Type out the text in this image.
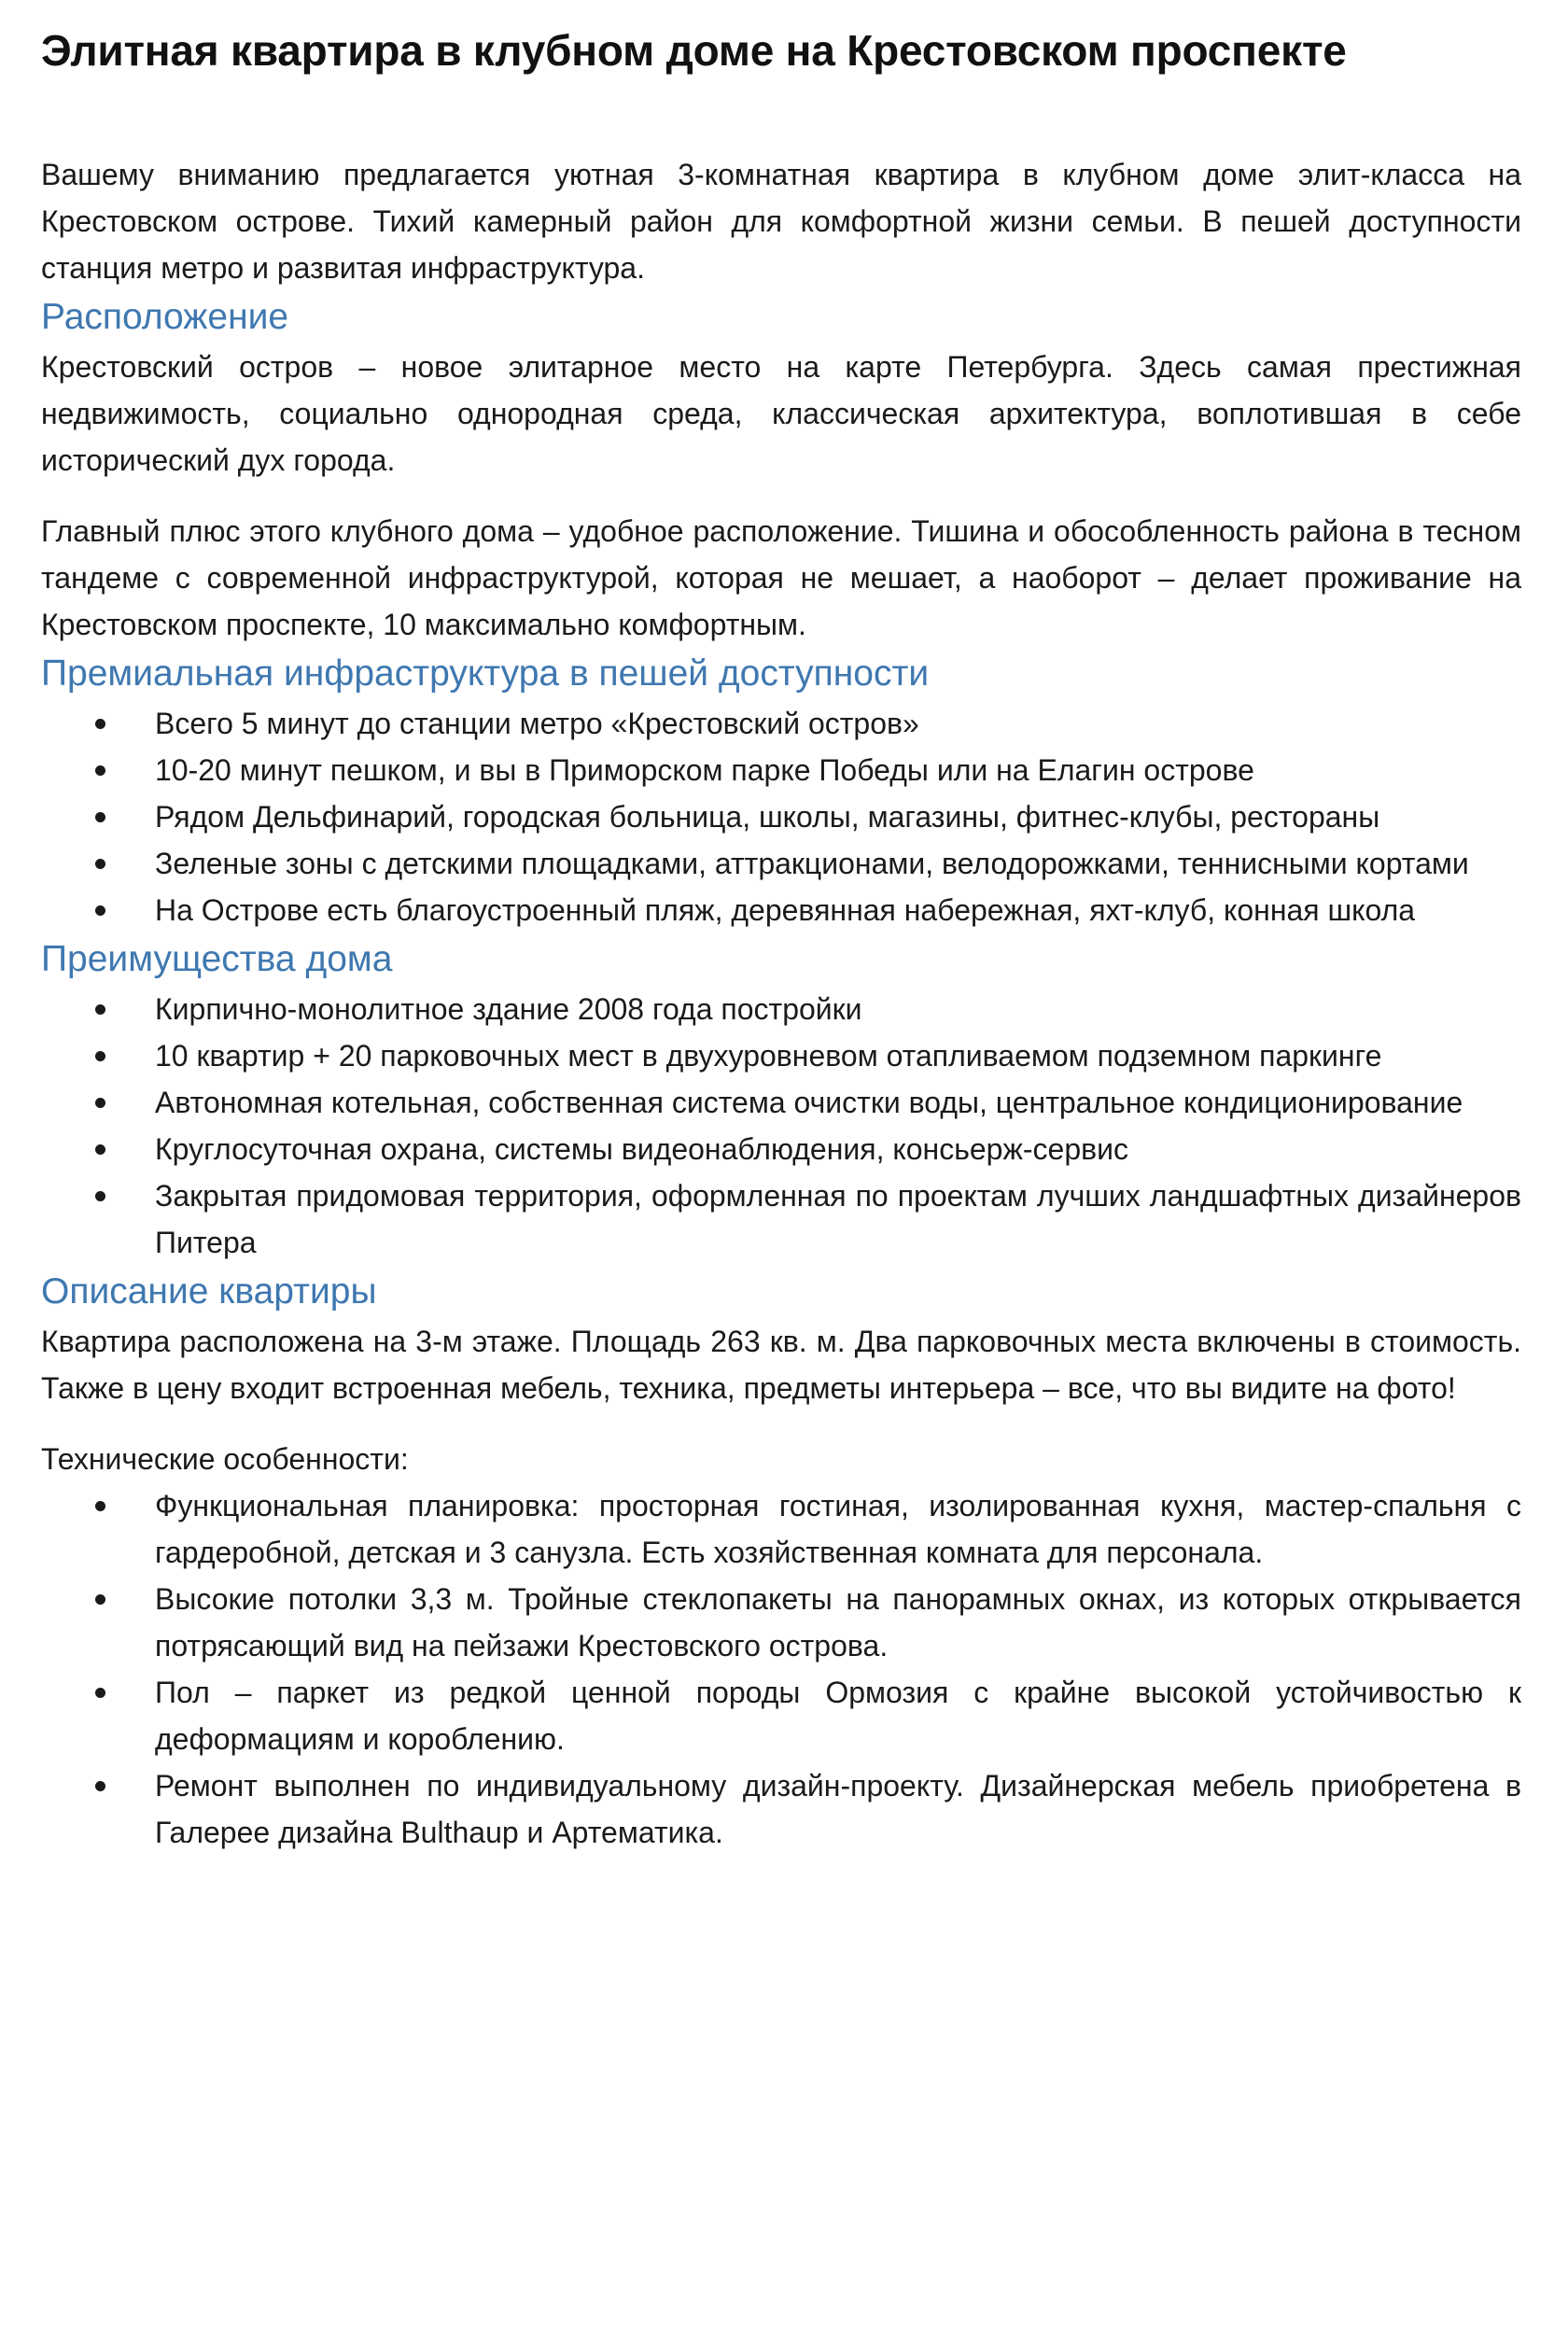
Элитная квартира в клубном доме на Крестовском проспекте

Вашему вниманию предлагается уютная 3-комнатная квартира в клубном доме элит-класса на Крестовском острове. Тихий камерный район для комфортной жизни семьи. В пешей доступности станция метро и развитая инфраструктура.

Расположение

Крестовский остров – новое элитарное место на карте Петербурга. Здесь самая престижная недвижимость, социально однородная среда, классическая архитектура, воплотившая в себе исторический дух города.

Главный плюс этого клубного дома – удобное расположение. Тишина и обособленность района в тесном тандеме с современной инфраструктурой, которая не мешает, а наоборот – делает проживание на Крестовском проспекте, 10 максимально комфортным.

Премиальная инфраструктура в пешей доступности
Всего 5 минут до станции метро «Крестовский остров»
10-20 минут пешком, и вы в Приморском парке Победы или на Елагин острове
Рядом Дельфинарий, городская больница, школы, магазины, фитнес-клубы, рестораны
Зеленые зоны с детскими площадками, аттракционами, велодорожками, теннисными кортами
На Острове есть благоустроенный пляж, деревянная набережная, яхт-клуб, конная школа
Преимущества дома
Кирпично-монолитное здание 2008 года постройки
10 квартир + 20 парковочных мест в двухуровневом отапливаемом подземном паркинге
Автономная котельная, собственная система очистки воды, центральное кондиционирование
Круглосуточная охрана, системы видеонаблюдения, консьерж-сервис
Закрытая придомовая территория, оформленная по проектам лучших ландшафтных дизайнеров Питера
Описание квартиры

Квартира расположена на 3-м этаже. Площадь 263 кв. м. Два парковочных места включены в стоимость. Также в цену входит встроенная мебель, техника, предметы интерьера – все, что вы видите на фото!

Технические особенности:

Функциональная планировка: просторная гостиная, изолированная кухня, мастер-спальня с гардеробной, детская и 3 санузла. Есть хозяйственная комната для персонала.
Высокие потолки 3,3 м. Тройные стеклопакеты на панорамных окнах, из которых открывается потрясающий вид на пейзажи Крестовского острова.
Пол – паркет из редкой ценной породы Ормозия с крайне высокой устойчивостью к деформациям и короблению.
Ремонт выполнен по индивидуальному дизайн-проекту. Дизайнерская мебель приобретена в Галерее дизайна Bulthaup и Артематика.
